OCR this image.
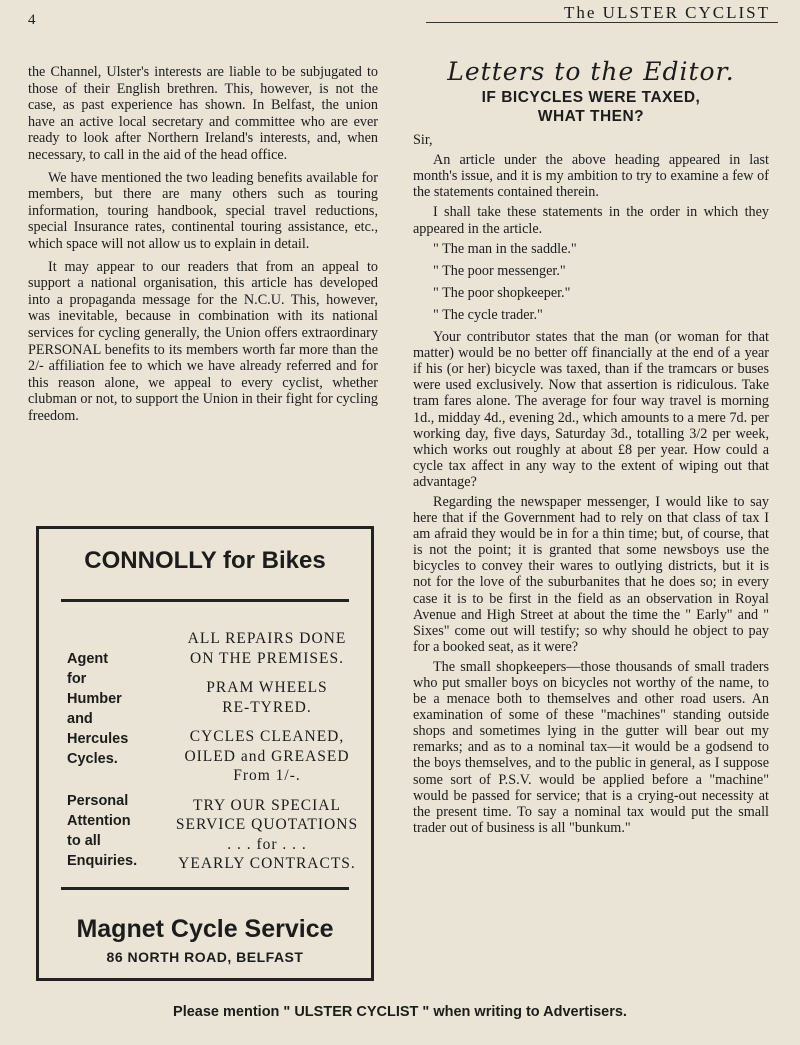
4	The ULSTER CYCLIST

the Channel, Ulster's interests are liable to be subjugated to those of their English brethren. This, however, is not the case, as past experience has shown. In Belfast, the union have an active local secretary and committee who are ever ready to look after Northern Ireland's interests, and, when necessary, to call in the aid of the head office.

We have mentioned the two leading benefits available for members, but there are many others such as touring information, touring handbook, special travel reductions, special Insurance rates, continental touring assistance, etc., which space will not allow us to explain in detail.

It may appear to our readers that from an appeal to support a national organisation, this article has developed into a propaganda message for the N.C.U. This, however, was inevitable, because in combination with its national services for cycling generally, the Union offers extraordinary PERSONAL benefits to its members worth far more than the 2/- affiliation fee to which we have already referred and for this reason alone, we appeal to every cyclist, whether clubman or not, to support the Union in their fight for cycling freedom.

CONNOLLY for Bikes
Agent
for
Humber
and
Hercules
Cycles.
Personal
Attention
to all
Enquiries.
ALL REPAIRS DONE
ON THE PREMISES.
PRAM WHEELS
RE-TYRED.
CYCLES CLEANED,
OILED and GREASED
From 1/-.
TRY OUR SPECIAL
SERVICE QUOTATIONS
. . . for . . .
YEARLY CONTRACTS.
Magnet Cycle Service
86 NORTH ROAD, BELFAST
Letters to the Editor.
IF BICYCLES WERE TAXED,
WHAT THEN?

Sir,

An article under the above heading appeared in last month's issue, and it is my ambition to try to examine a few of the statements contained therein.

I shall take these statements in the order in which they appeared in the article.

" The man in the saddle."

" The poor messenger."

" The poor shopkeeper."

" The cycle trader."

Your contributor states that the man (or woman for that matter) would be no better off financially at the end of a year if his (or her) bicycle was taxed, than if the tramcars or buses were used exclusively. Now that assertion is ridiculous. Take tram fares alone. The average for four way travel is morning 1d., midday 4d., evening 2d., which amounts to a mere 7d. per working day, five days, Saturday 3d., totalling 3/2 per week, which works out roughly at about £8 per year. How could a cycle tax affect in any way to the extent of wiping out that advantage?

Regarding the newspaper messenger, I would like to say here that if the Government had to rely on that class of tax I am afraid they would be in for a thin time; but, of course, that is not the point; it is granted that some newsboys use the bicycles to convey their wares to outlying districts, but it is not for the love of the suburbanites that he does so; in every case it is to be first in the field as an observation in Royal Avenue and High Street at about the time the " Early" and " Sixes" come out will testify; so why should he object to pay for a booked seat, as it were?

The small shopkeepers—those thousands of small traders who put smaller boys on bicycles not worthy of the name, to be a menace both to themselves and other road users. An examination of some of these "machines" standing outside shops and sometimes lying in the gutter will bear out my remarks; and as to a nominal tax—it would be a godsend to the boys themselves, and to the public in general, as I suppose some sort of P.S.V. would be applied before a "machine" would be passed for service; that is a crying-out necessity at the present time. To say a nominal tax would put the small trader out of business is all "bunkum."

Please mention " ULSTER CYCLIST " when writing to Advertisers.
